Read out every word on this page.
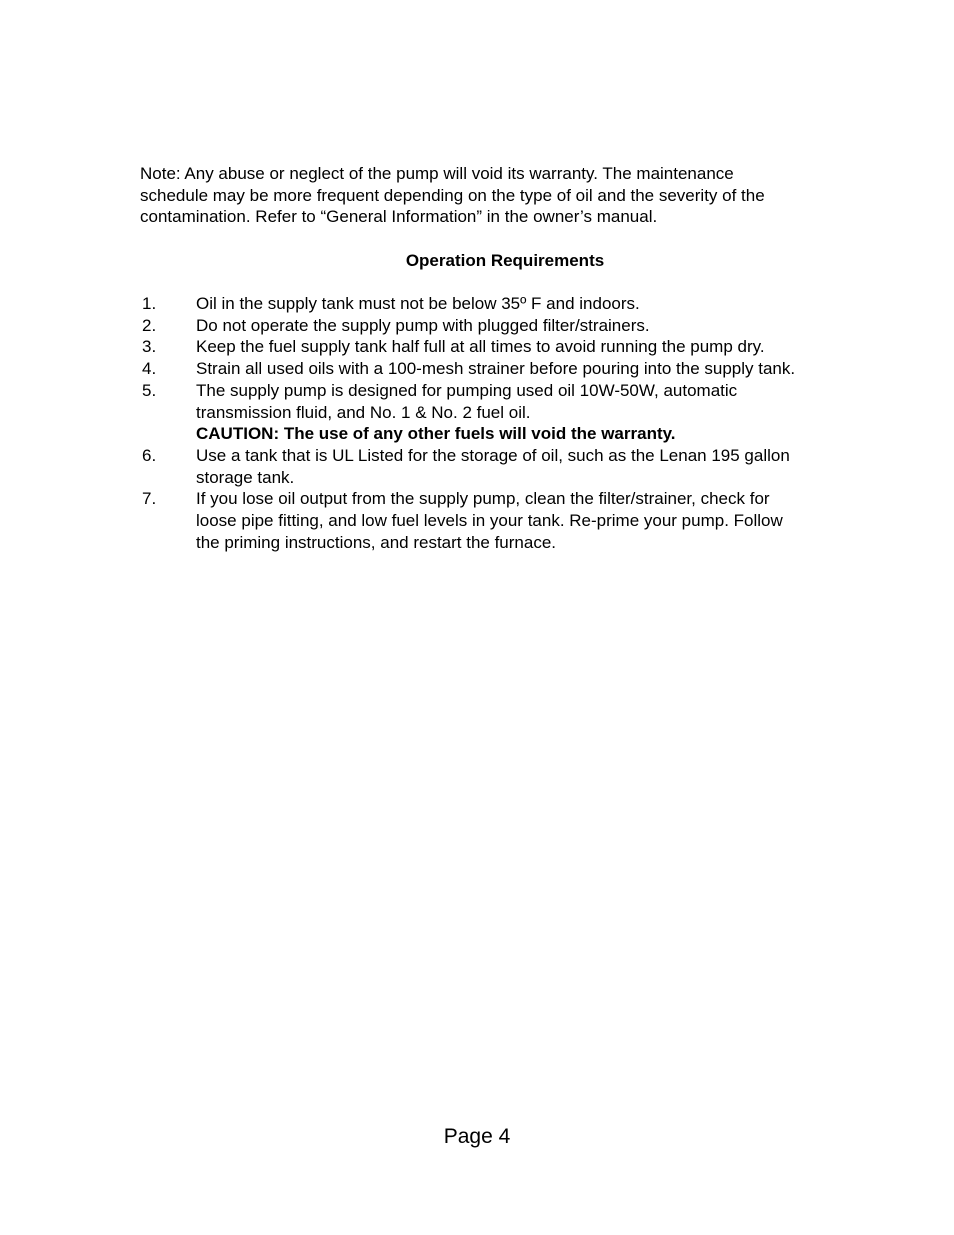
Note: Any abuse or neglect of the pump will void its warranty. The maintenance
schedule may be more frequent depending on the type of oil and the severity of the
contamination. Refer to “General Information” in the owner’s manual.

Operation Requirements
1.	Oil in the supply tank must not be below 35º F and indoors.
2.	Do not operate the supply pump with plugged filter/strainers.
3.	Keep the fuel supply tank half full at all times to avoid running the pump dry.
4.	Strain all used oils with a 100-mesh strainer before pouring into the supply tank.
5.	The supply pump is designed for pumping used oil 10W-50W, automatic
transmission fluid, and No. 1 & No. 2 fuel oil.
CAUTION: The use of any other fuels will void the warranty.
6.	Use a tank that is UL Listed for the storage of oil, such as the Lenan 195 gallon
storage tank.
7.	If you lose oil output from the supply pump, clean the filter/strainer, check for
loose pipe fitting, and low fuel levels in your tank. Re-prime your pump. Follow
the priming instructions, and restart the furnace.

Page 4
